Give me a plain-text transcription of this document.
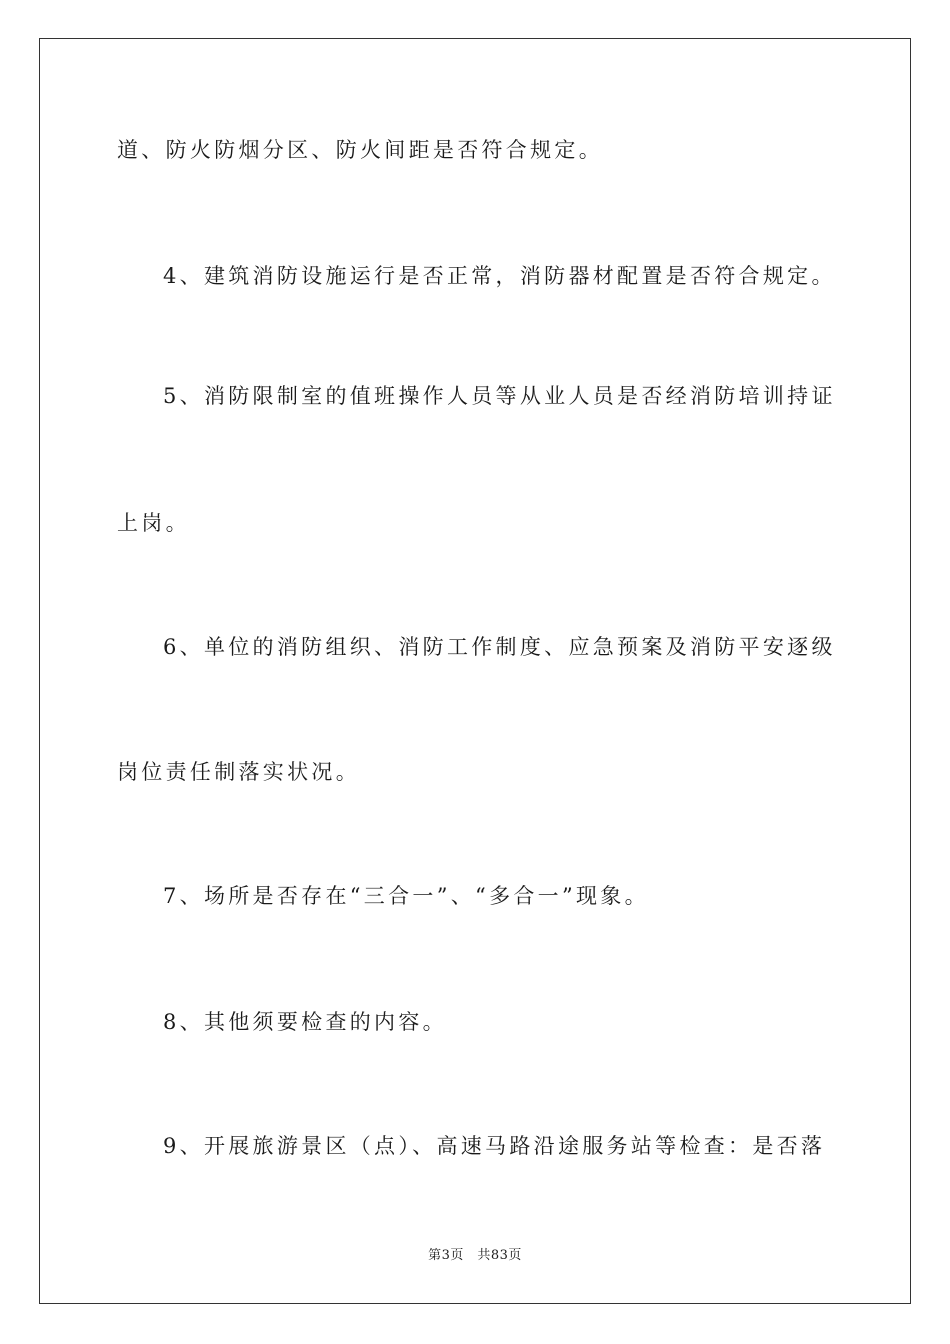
道、防火防烟分区、防火间距是否符合规定。
4、建筑消防设施运行是否正常，消防器材配置是否符合规定。
5、消防限制室的值班操作人员等从业人员是否经消防培训持证
上岗。
6、单位的消防组织、消防工作制度、应急预案及消防平安逐级
岗位责任制落实状况。
7、场所是否存在“三合一”、“多合一”现象。
8、其他须要检查的内容。
9、开展旅游景区（点）、高速马路沿途服务站等检查：是否落
第3页　共83页
